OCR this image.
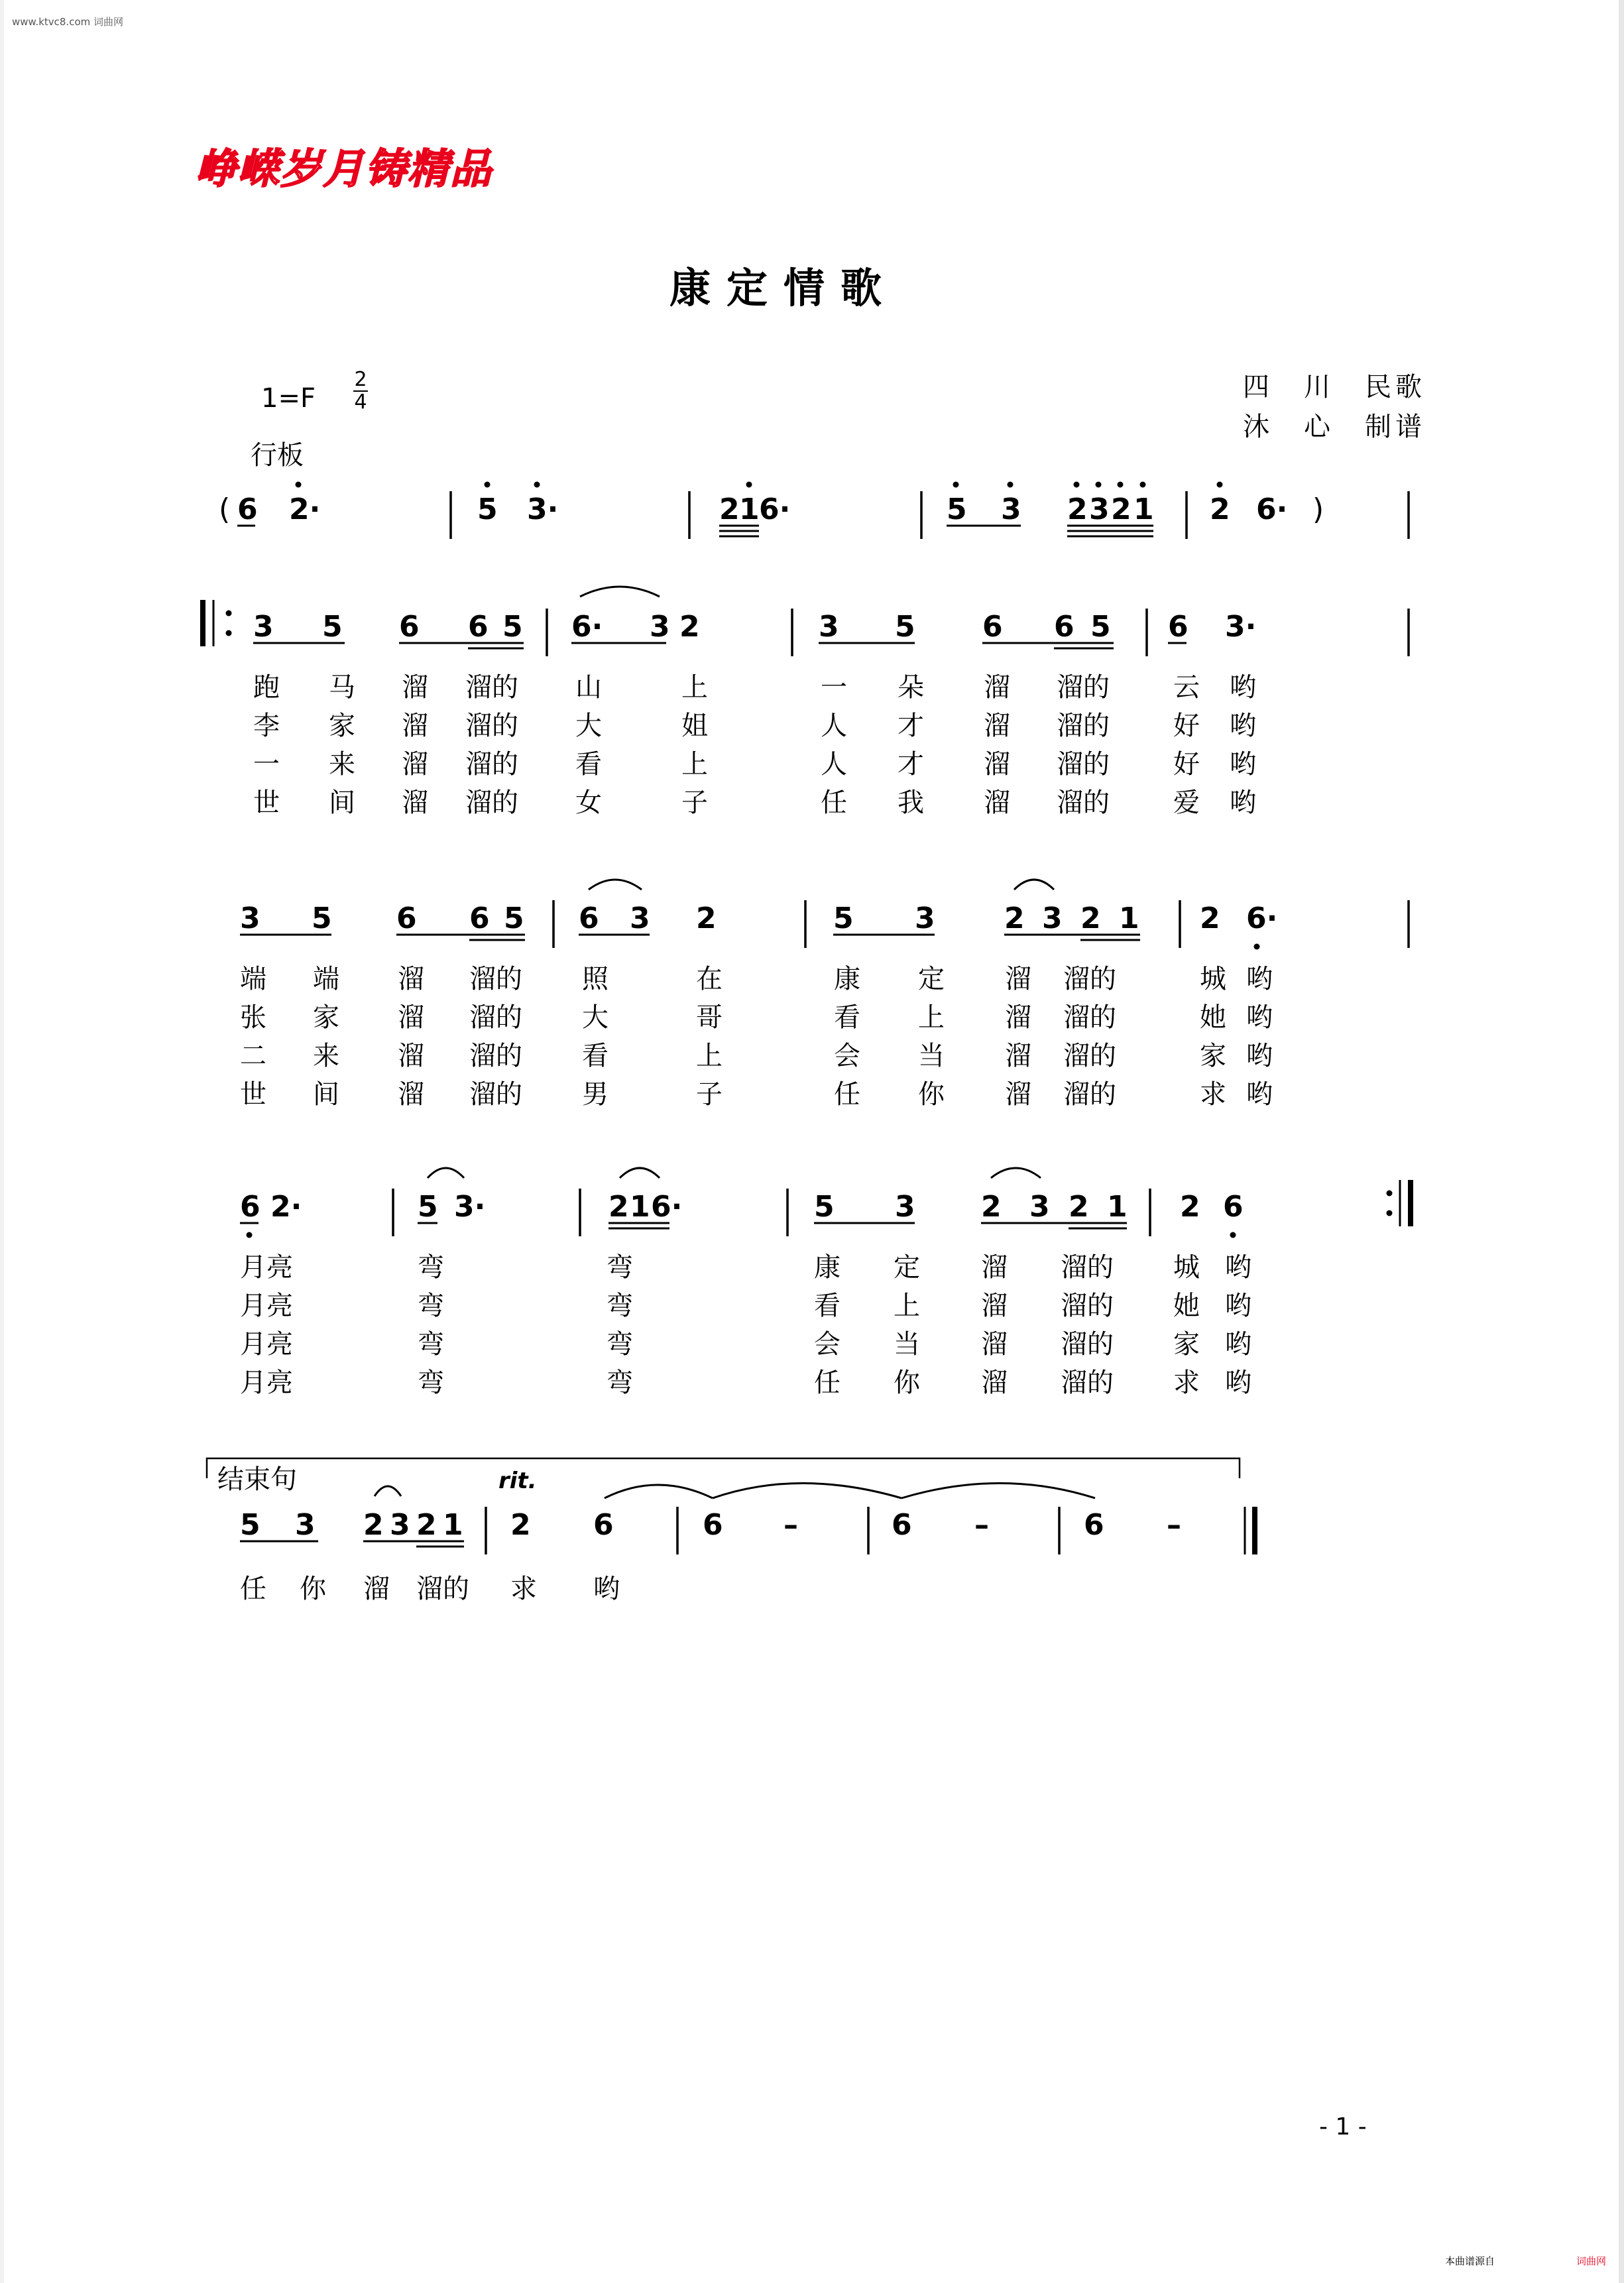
www.ktvc8.com 词曲网
峥嵘岁月铸精品
康定情歌
1=F
2
4
行板
四　川　民歌
沐　心　制谱
( 6 2·	5 3·	2 1 6·	5 3 2 3 2 1 2 6· )
3 5 6 6 5 6· 3 2	3 5 6 6 5 6 3·
跑 马 溜 溜的 山	上	一 朵 溜 溜的 云 哟
李 家 溜 溜的 大	姐	人 才 溜 溜的 好 哟
一 来 溜 溜的 看	上	人 才 溜 溜的 好 哟
世 间 溜 溜的 女	子	任 我 溜 溜的 爱 哟
3 5 6 6 5 6 3 2	5 3 2 3 2 1 2 6·
端 端 溜 溜的 照	在	康 定 溜 溜的	城 哟
张 家 溜 溜的 大	哥	看 上 溜 溜的	她 哟
二 来 溜 溜的 看	上	会 当 溜 溜的	家 哟
世 间 溜 溜的 男	子	任 你 溜 溜的	求 哟
6 2·	5 3·	2 1 6·	5 3 2 3 2 1 2 6
月亮	弯	弯	康 定 溜 溜的 城 哟
月亮	弯	弯	看 上 溜 溜的 她 哟
月亮	弯	弯	会 当 溜 溜的 家 哟
月亮	弯	弯	任 你 溜 溜的 求 哟
结束句	rit.
5 3 2 3 2 1 2 6	6 –	6 –	6 –
任 你 溜 溜的 求 哟
- 1 -
本曲谱源自	词曲网
